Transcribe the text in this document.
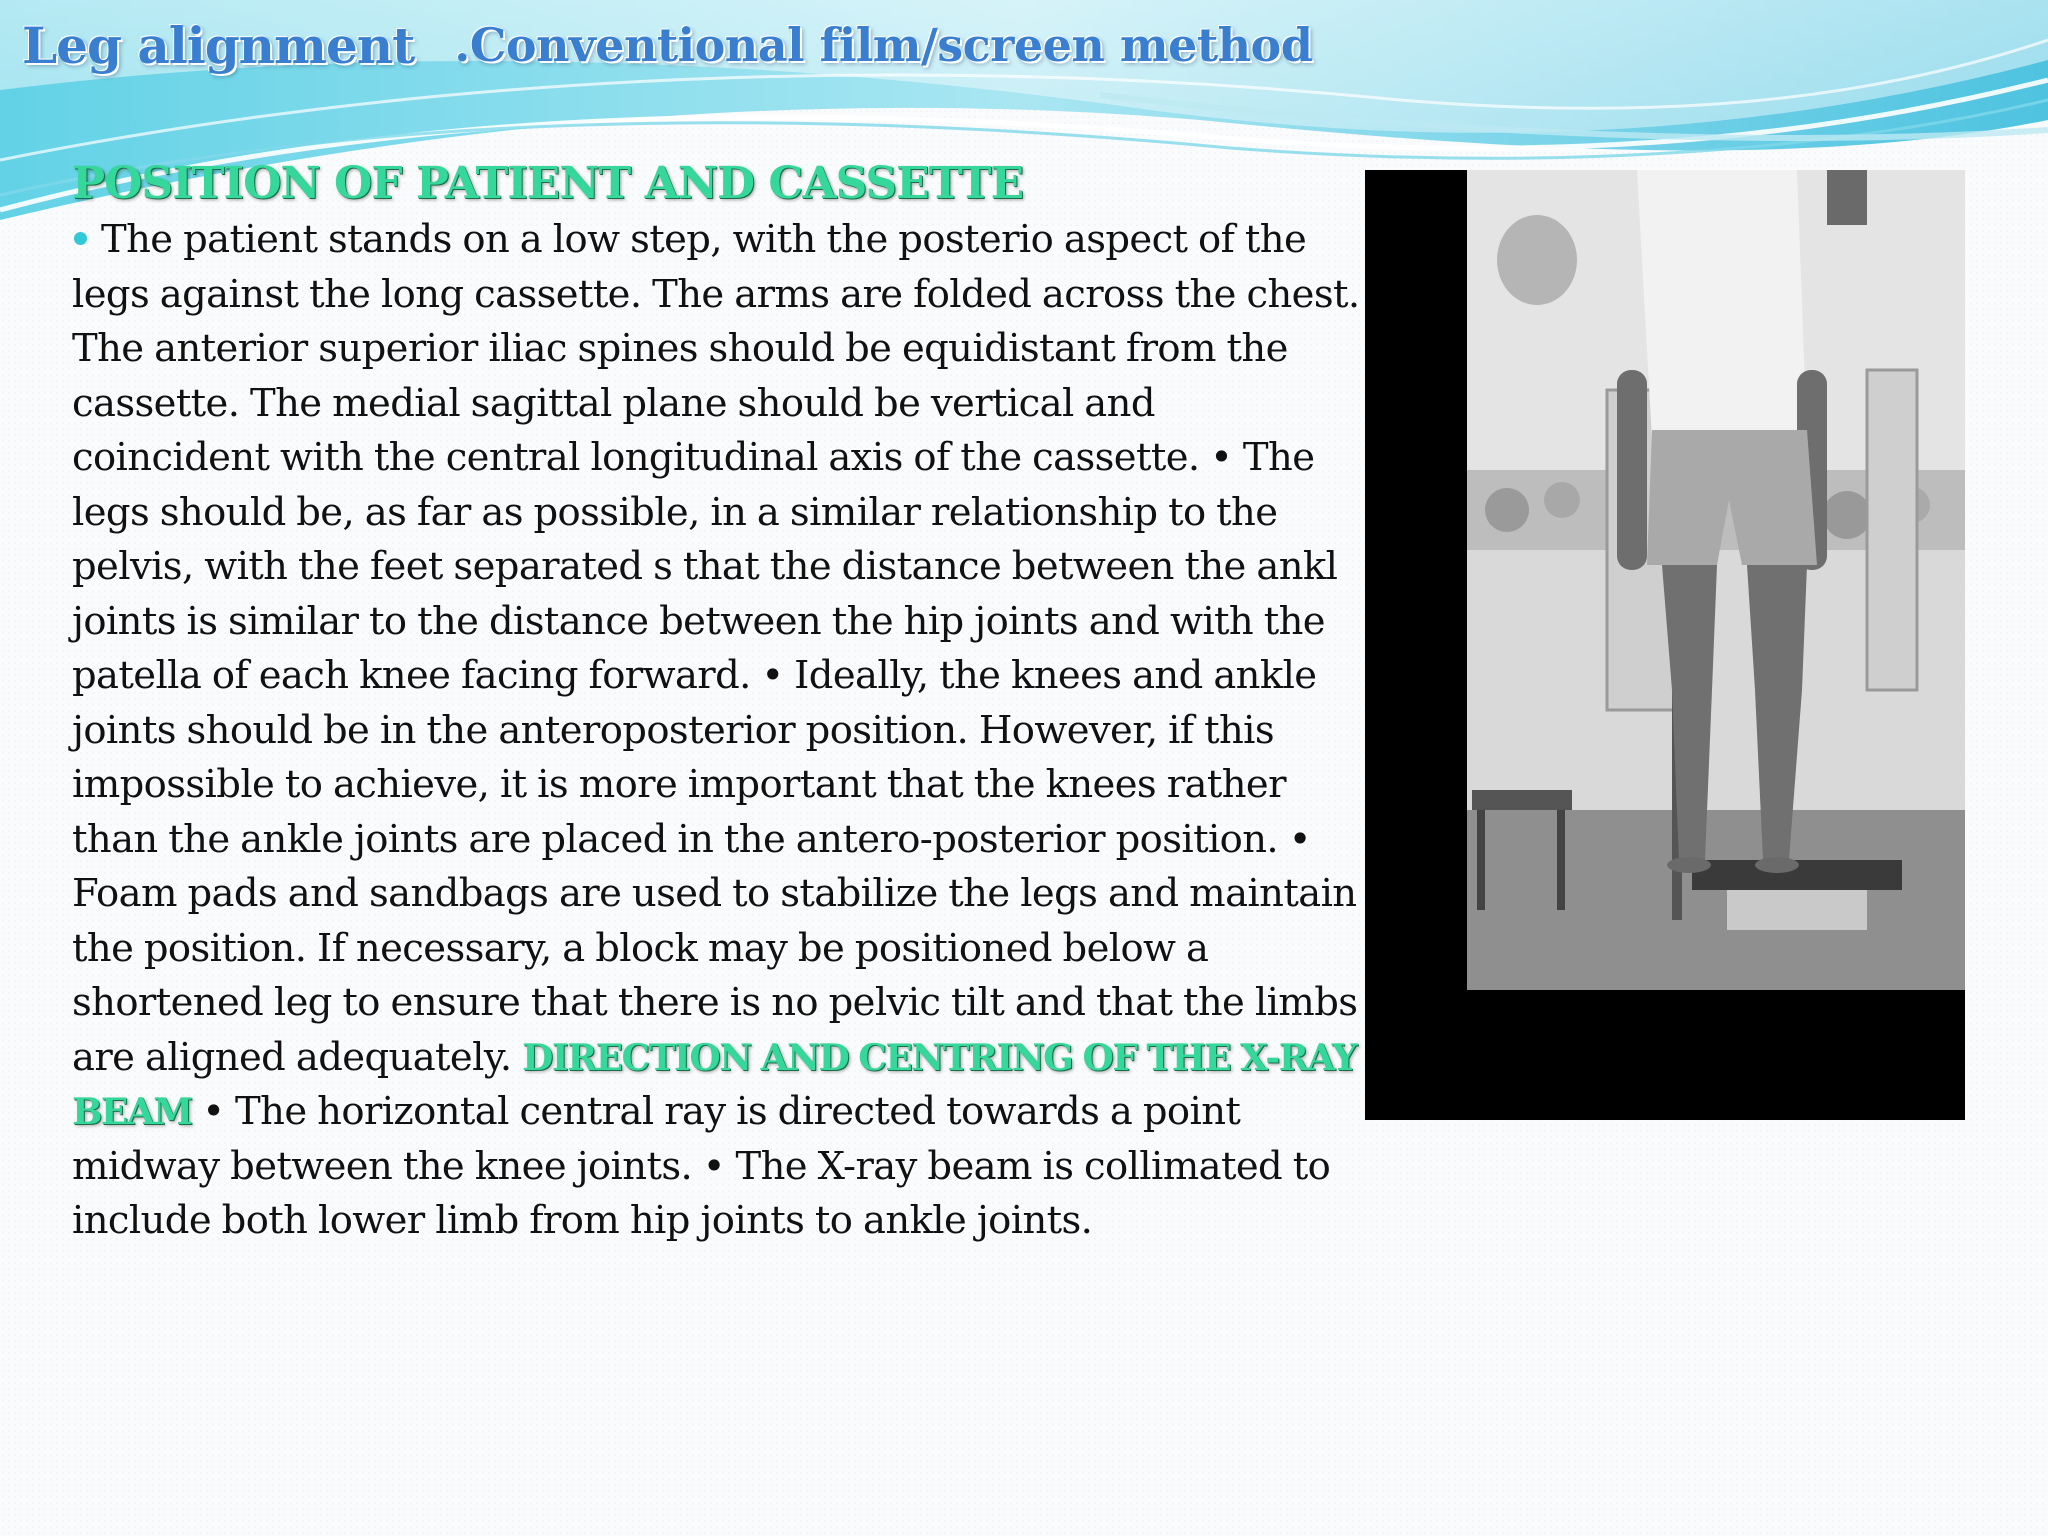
Leg alignment .Conventional film/screen method
POSITION OF PATIENT AND CASSETTE

The patient stands on a low step, with the posterio aspect of the legs against the long cassette. The arms are folded across the chest. The anterior superior iliac spines should be equidistant from the cassette. The medial sagittal plane should be vertical and coincident with the central longitudinal axis of the cassette. • The legs should be, as far as possible, in a similar relationship to the pelvis, with the feet separated s that the distance between the ankl joints is similar to the distance between the hip joints and with the patella of each knee facing forward. • Ideally, the knees and ankle joints should be in the anteroposterior position. However, if this impossible to achieve, it is more important that the knees rather than the ankle joints are placed in the antero-posterior position. • Foam pads and sandbags are used to stabilize the legs and maintain the position. If necessary, a block may be positioned below a shortened leg to ensure that there is no pelvic tilt and that the limbs are aligned adequately. DIRECTION AND CENTRING OF THE X-RAY BEAM • The horizontal central ray is directed towards a point midway between the knee joints. • The X-ray beam is collimated to include both lower limb from hip joints to ankle joints.
